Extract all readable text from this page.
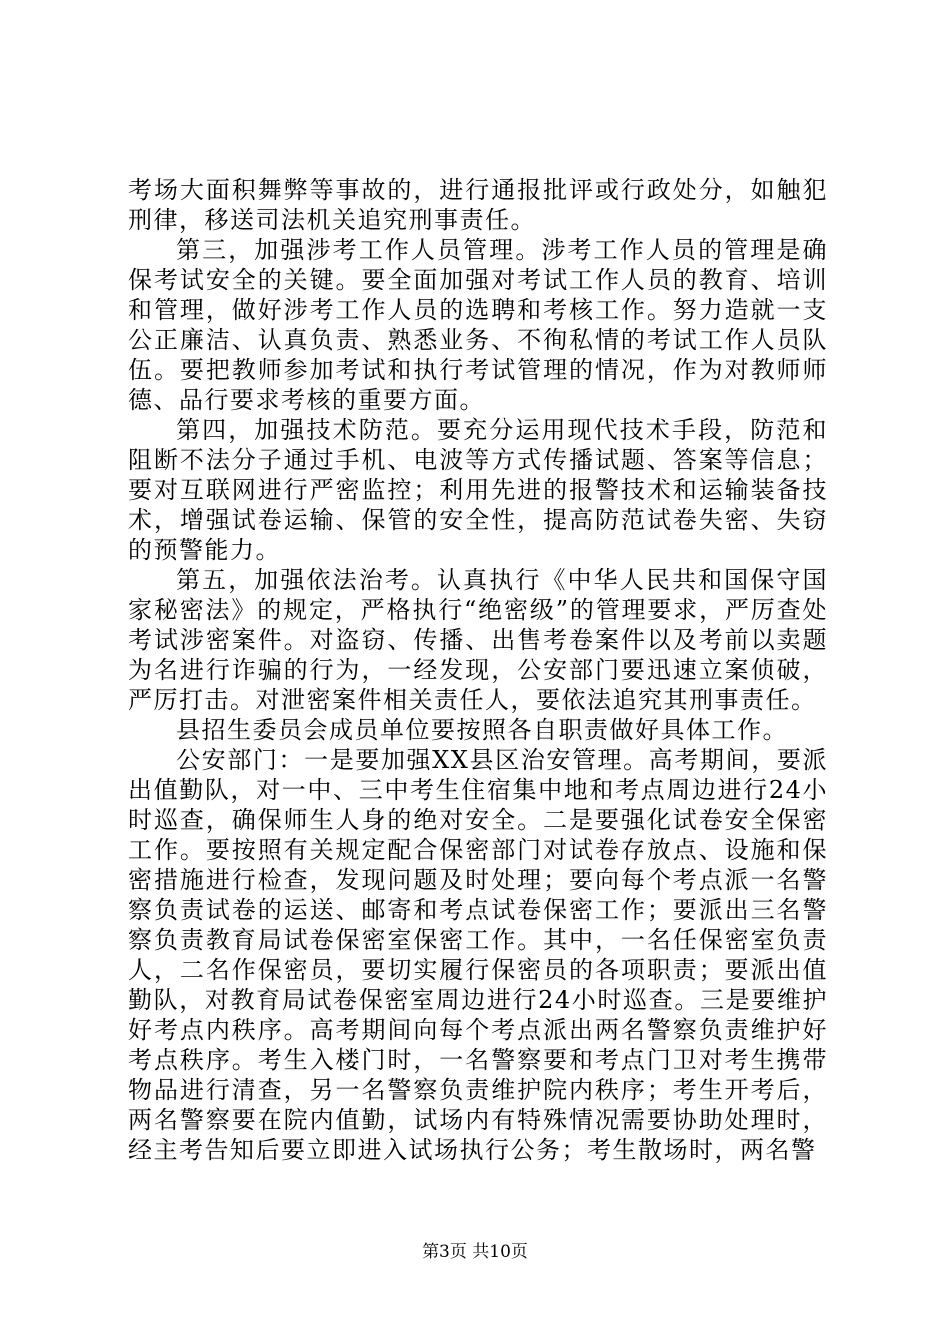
考场大面积舞弊等事故的，进行通报批评或行政处分，如触犯刑律，移送司法机关追究刑事责任。

第三，加强涉考工作人员管理。涉考工作人员的管理是确保考试安全的关键。要全面加强对考试工作人员的教育、培训和管理，做好涉考工作人员的选聘和考核工作。努力造就一支公正廉洁、认真负责、熟悉业务、不徇私情的考试工作人员队伍。要把教师参加考试和执行考试管理的情况，作为对教师师德、品行要求考核的重要方面。

第四，加强技术防范。要充分运用现代技术手段，防范和阻断不法分子通过手机、电波等方式传播试题、答案等信息；要对互联网进行严密监控；利用先进的报警技术和运输装备技术，增强试卷运输、保管的安全性，提高防范试卷失密、失窃的预警能力。

第五，加强依法治考。认真执行《中华人民共和国保守国家秘密法》的规定，严格执行“绝密级”的管理要求，严厉查处考试涉密案件。对盗窃、传播、出售考卷案件以及考前以卖题为名进行诈骗的行为，一经发现，公安部门要迅速立案侦破，严厉打击。对泄密案件相关责任人，要依法追究其刑事责任。

县招生委员会成员单位要按照各自职责做好具体工作。

公安部门：一是要加强XX县区治安管理。高考期间，要派出值勤队，对一中、三中考生住宿集中地和考点周边进行24小时巡查，确保师生人身的绝对安全。二是要强化试卷安全保密工作。要按照有关规定配合保密部门对试卷存放点、设施和保密措施进行检查，发现问题及时处理；要向每个考点派一名警察负责试卷的运送、邮寄和考点试卷保密工作；要派出三名警察负责教育局试卷保密室保密工作。其中，一名任保密室负责人，二名作保密员，要切实履行保密员的各项职责；要派出值勤队，对教育局试卷保密室周边进行24小时巡查。三是要维护好考点内秩序。高考期间向每个考点派出两名警察负责维护好考点秩序。考生入楼门时，一名警察要和考点门卫对考生携带物品进行清查，另一名警察负责维护院内秩序；考生开考后，两名警察要在院内值勤，试场内有特殊情况需要协助处理时，经主考告知后要立即进入试场执行公务；考生散场时，两名警

第3页 共10页
